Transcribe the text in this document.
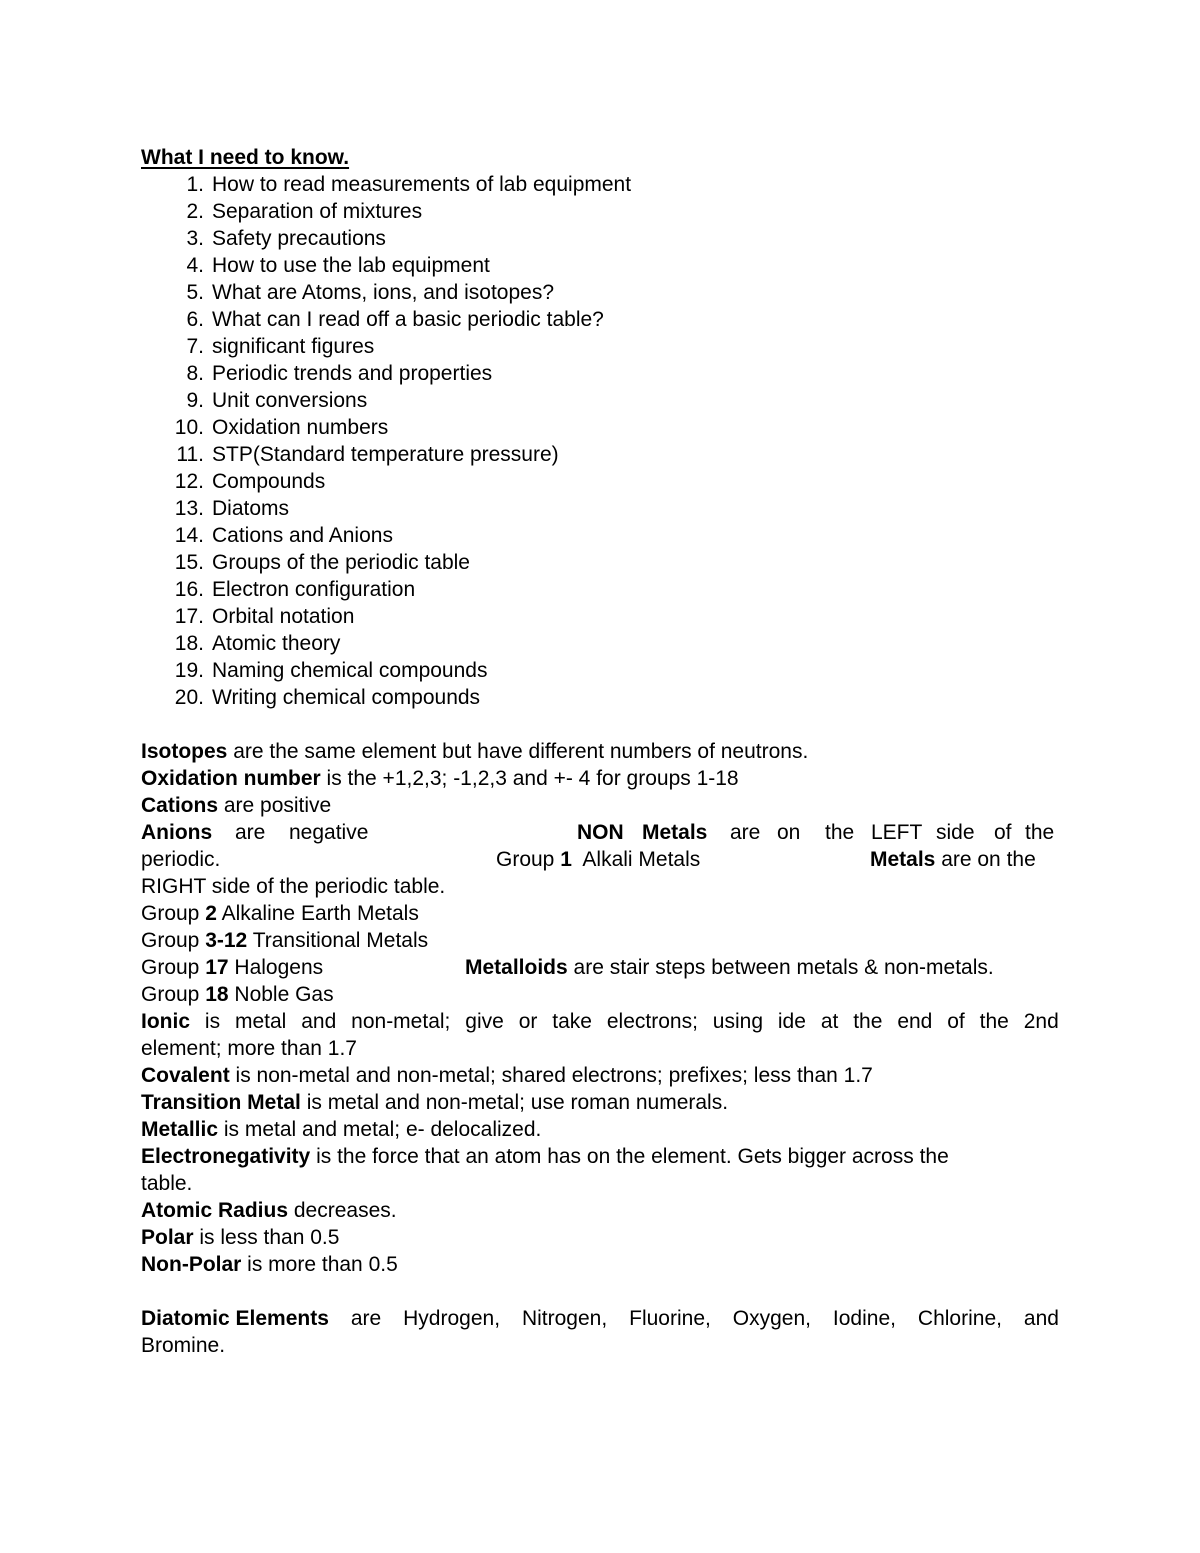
What I need to know.
1. How to read measurements of lab equipment
2. Separation of mixtures
3. Safety precautions
4. How to use the lab equipment
5. What are Atoms, ions, and isotopes?
6. What can I read off a basic periodic table?
7. significant figures
8. Periodic trends and properties
9. Unit conversions
10. Oxidation numbers
11. STP(Standard temperature pressure)
12. Compounds
13. Diatoms
14. Cations and Anions
15. Groups of the periodic table
16. Electron configuration
17. Orbital notation
18. Atomic theory
19. Naming chemical compounds
20. Writing chemical compounds
Isotopes are the same element but have different numbers of neutrons.
Oxidation number is the +1,2,3; -1,2,3 and +- 4 for groups 1-18
Cations are positive
Anions are negative	NON Metals are on the LEFT side of the
periodic.	Group 1  Alkali Metals	Metals are on the
RIGHT side of the periodic table.
Group 2 Alkaline Earth Metals
Group 3-12 Transitional Metals
Group 17 Halogens	Metalloids are stair steps between metals & non-metals.
Group 18 Noble Gas
Ionic is metal and non-metal; give or take electrons; using ide at the end of the 2nd
element; more than 1.7
Covalent is non-metal and non-metal; shared electrons; prefixes; less than 1.7
Transition Metal is metal and non-metal; use roman numerals.
Metallic is metal and metal; e- delocalized.
Electronegativity is the force that an atom has on the element. Gets bigger across the
table.
Atomic Radius decreases.
Polar is less than 0.5
Non-Polar is more than 0.5
Diatomic Elements are Hydrogen, Nitrogen, Fluorine, Oxygen, Iodine, Chlorine, and
Bromine.
